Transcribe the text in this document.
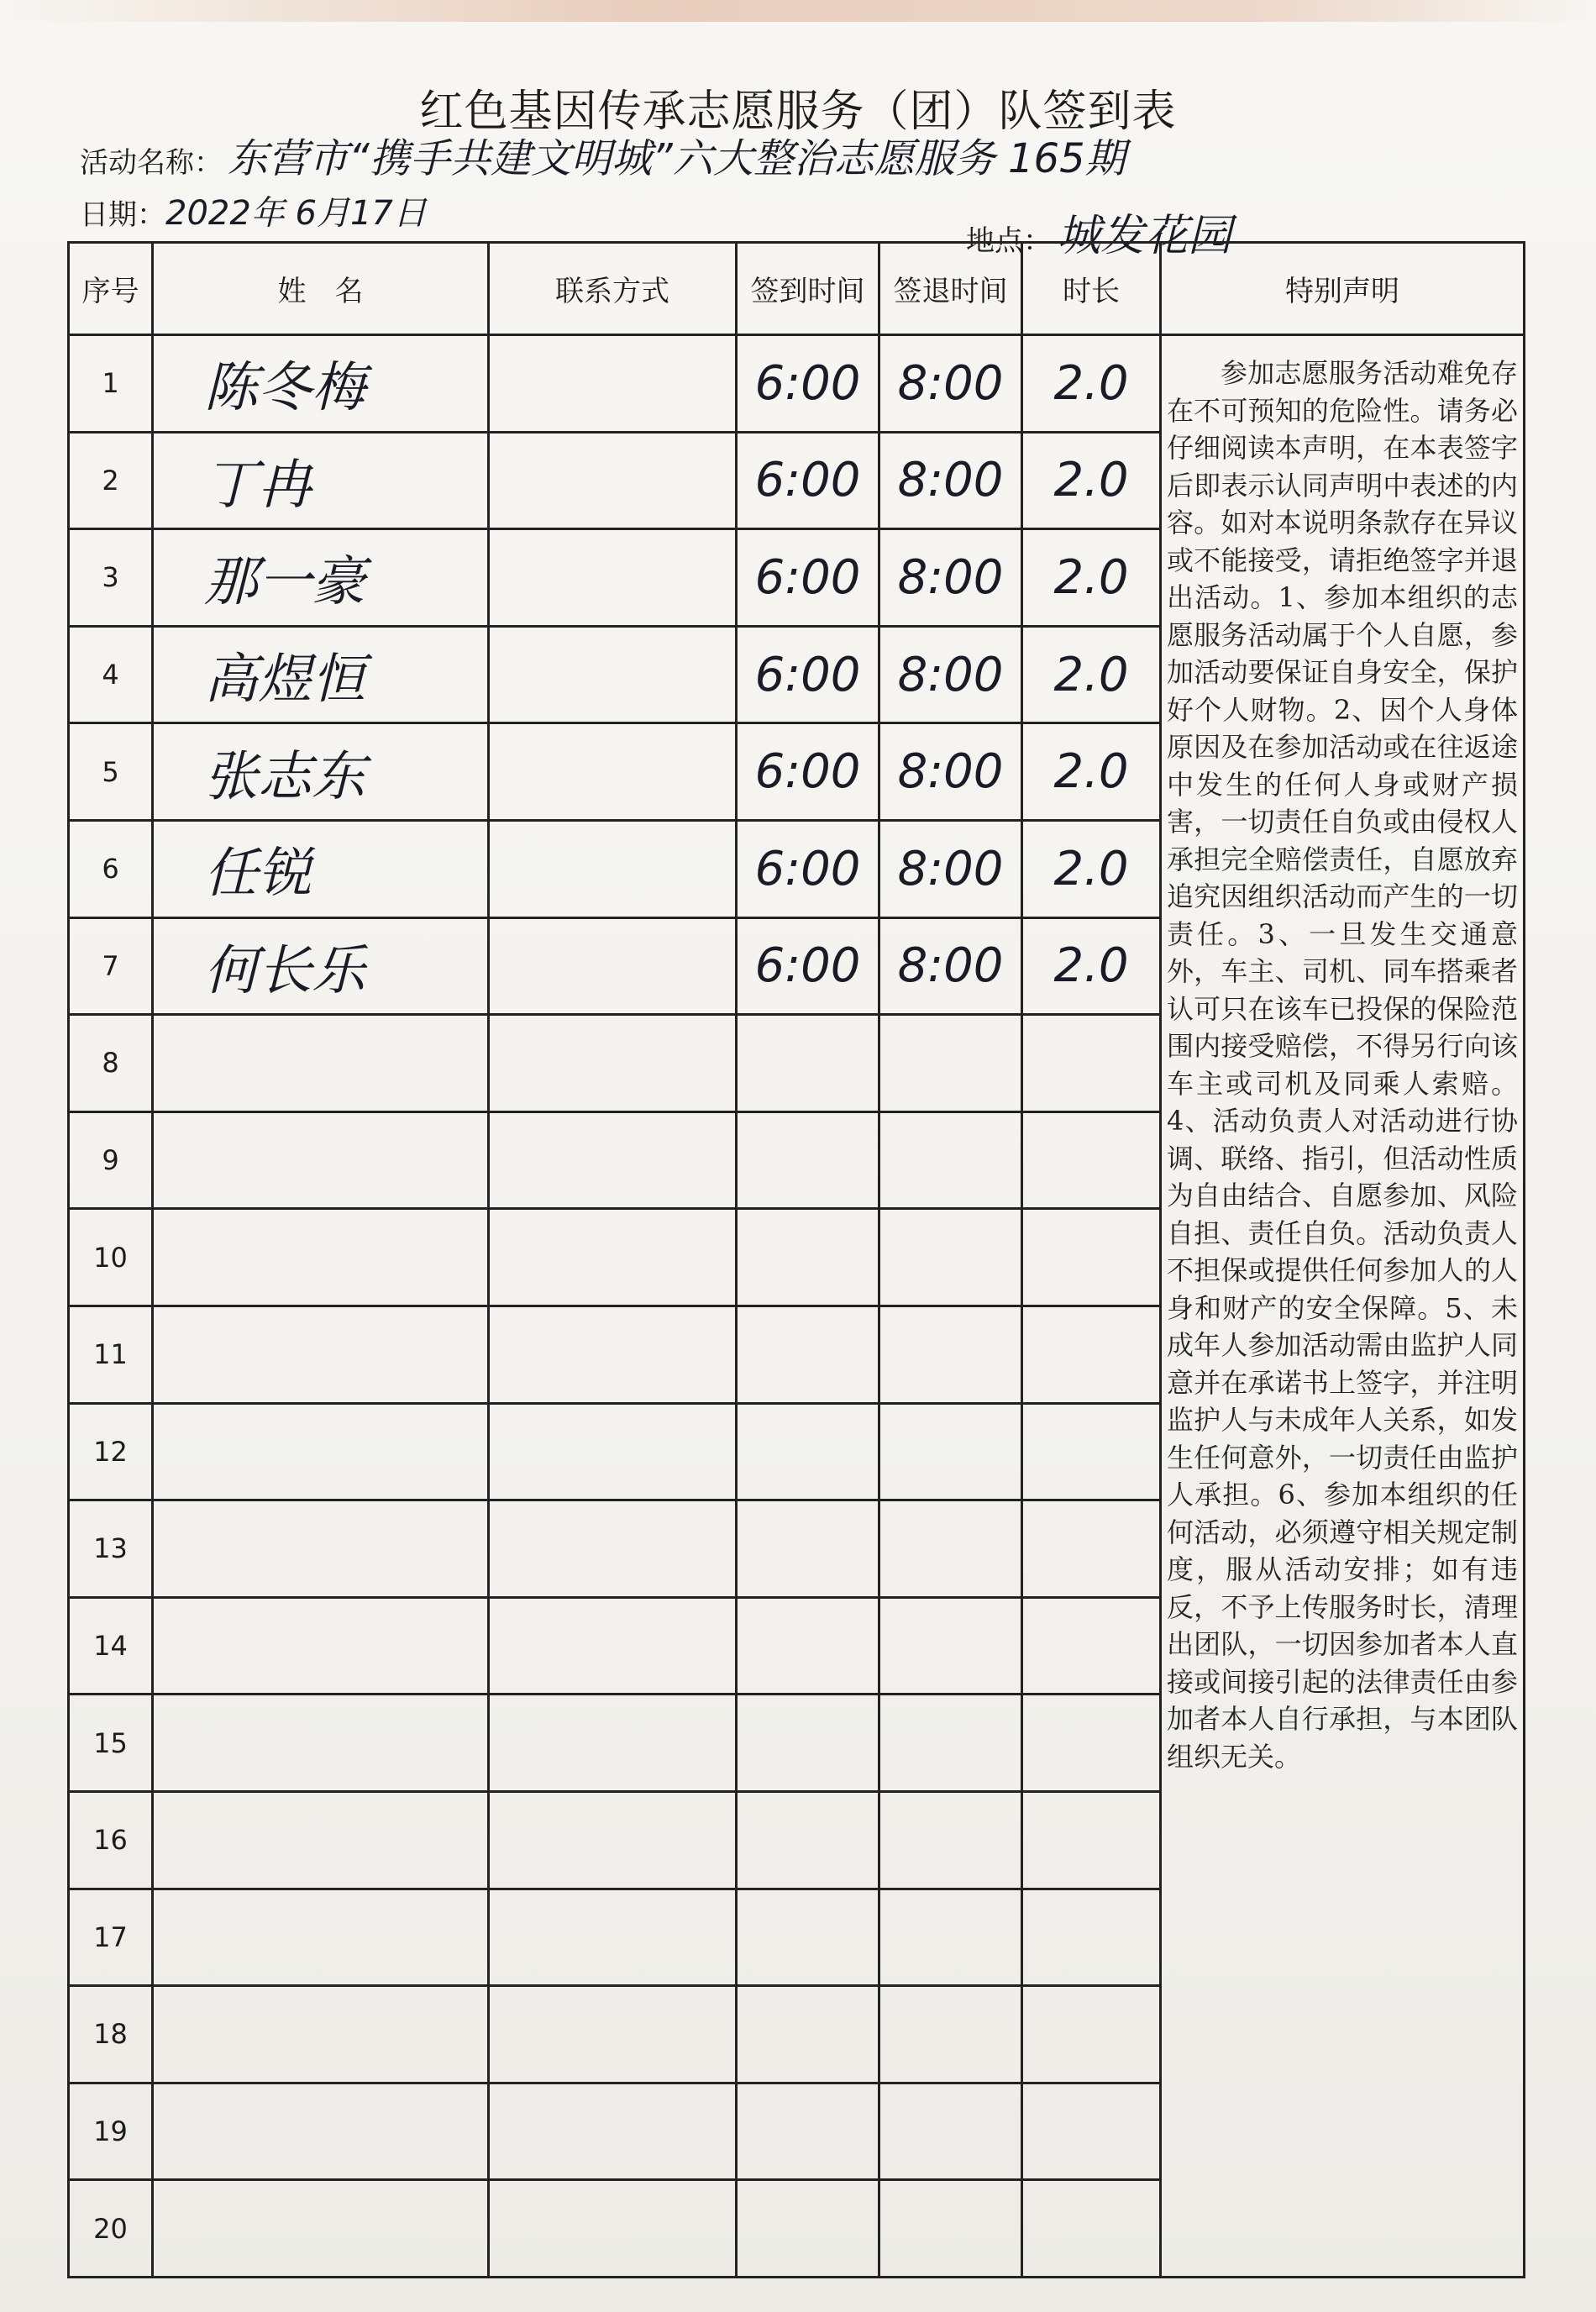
红色基因传承志愿服务（团）队签到表
活动名称： 东营市“携手共建文明城”六大整治志愿服务 165期
日期：2022年 6月17日
地点： 城发花园
序号	姓　名	联系方式	签到时间	签退时间	时长	特别声明
1	陈冬梅		6:00	8:00	2.0	参加志愿服务活动难免存在不可预知的危险性。请务必仔细阅读本声明，在本表签字后即表示认同声明中表述的内容。如对本说明条款存在异议或不能接受，请拒绝签字并退出活动。1、参加本组织的志愿服务活动属于个人自愿，参加活动要保证自身安全，保护好个人财物。2、因个人身体原因及在参加活动或在往返途中发生的任何人身或财产损害，一切责任自负或由侵权人承担完全赔偿责任，自愿放弃追究因组织活动而产生的一切责任。3、一旦发生交通意外，车主、司机、同车搭乘者认可只在该车已投保的保险范围内接受赔偿，不得另行向该车主或司机及同乘人索赔。4、活动负责人对活动进行协调、联络、指引，但活动性质为自由结合、自愿参加、风险自担、责任自负。活动负责人不担保或提供任何参加人的人身和财产的安全保障。5、未成年人参加活动需由监护人同意并在承诺书上签字，并注明监护人与未成年人关系，如发生任何意外，一切责任由监护人承担。6、参加本组织的任何活动，必须遵守相关规定制度，服从活动安排；如有违反，不予上传服务时长，清理出团队，一切因参加者本人直接或间接引起的法律责任由参加者本人自行承担，与本团队组织无关。

2	丁冉		6:00	8:00	2.0	
3	那一豪		6:00	8:00	2.0	
4	高煜恒		6:00	8:00	2.0	
5	张志东		6:00	8:00	2.0	
6	任锐		6:00	8:00	2.0	
7	何长乐		6:00	8:00	2.0	
8						
9						
10						
11						
12						
13						
14						
15						
16						
17						
18						
19						
20						
